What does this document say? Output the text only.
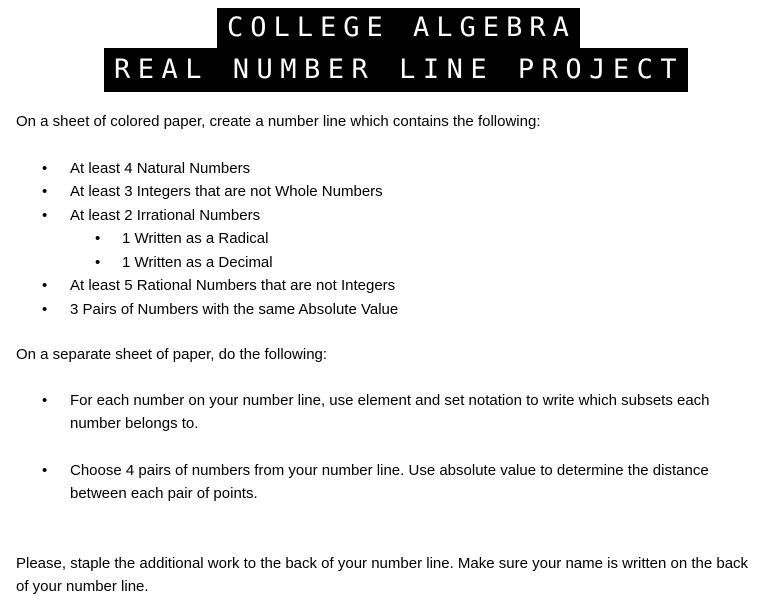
COLLEGE ALGEBRA
REAL NUMBER LINE PROJECT

On a sheet of colored paper, create a number line which contains the following:

• At least 4 Natural Numbers
• At least 3 Integers that are not Whole Numbers
• At least 2 Irrational Numbers
• 1 Written as a Radical
• 1 Written as a Decimal
• At least 5 Rational Numbers that are not Integers
• 3 Pairs of Numbers with the same Absolute Value

On a separate sheet of paper, do the following:

• For each number on your number line, use element and set notation to write which subsets each number belongs to.
• Choose 4 pairs of numbers from your number line. Use absolute value to determine the distance between each pair of points.

Please, staple the additional work to the back of your number line. Make sure your name is written on the back of your number line.
